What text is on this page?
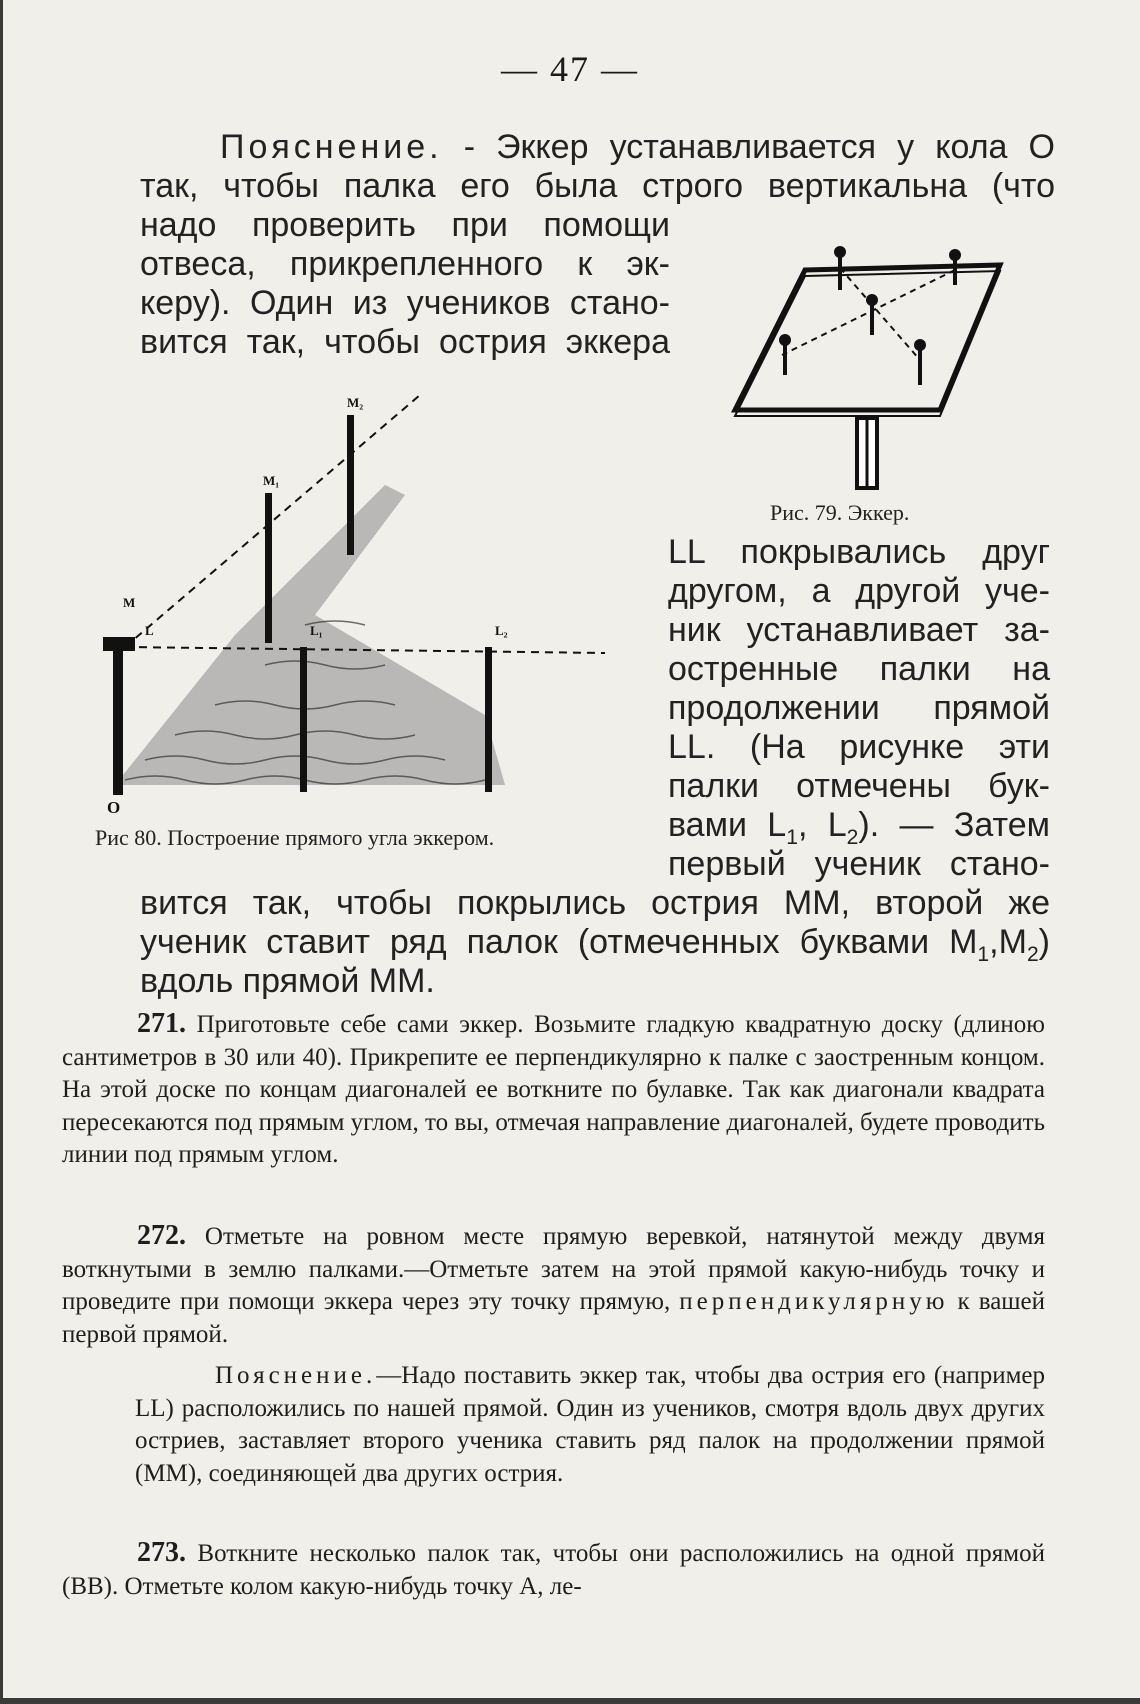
— 47 —

Пояснение. - Эккер устанавливается у кола O

так, чтобы палка его была строго вертикальна (что

надо проверить при помощи

отвеса, прикрепленного к эк-

керу). Один из учеников стано-

вится так, чтобы острия эккера

Рис. 79. Эккер.
O
L	L₁	L₂
M
M₁
M₂
Рис 80. Построение прямого угла эккером.

LL покрывались друг

другом, а другой уче-

ник устанавливает за-

остренные палки на

продолжении прямой

LL. (На рисунке эти

палки отмечены бук-

вами $L_1$, $L_2$). — Затем

первый ученик стано-

вится так, чтобы покрылись острия MM, второй же

ученик ставит ряд палок (отмеченных буквами $M_1,M_2$)

вдоль прямой MM.

271. Приготовьте себе сами эккер. Возьмите гладкую квадратную доску (длиною сантиметров в 30 или 40). Прикрепите ее перпендикулярно к палке с заостренным концом. На этой доске по концам диагоналей ее воткните по булавке. Так как диагонали квадрата пересекаются под прямым углом, то вы, отмечая направление диагоналей, будете проводить линии под прямым углом.

272. Отметьте на ровном месте прямую веревкой, натянутой между двумя воткнутыми в землю палками.—Отметьте затем на этой прямой какую-нибудь точку и проведите при помощи эккера через эту точку прямую, перпендикулярную к вашей первой прямой.

Пояснение.—Надо поставить эккер так, чтобы два острия его (например LL) расположились по нашей прямой. Один из учеников, смотря вдоль двух других остриев, заставляет второго ученика ставить ряд палок на продолжении прямой (MM), соединяющей два других острия.

273. Воткните несколько палок так, чтобы они расположились на одной прямой (BB). Отметьте колом какую-нибудь точку A, ле-
